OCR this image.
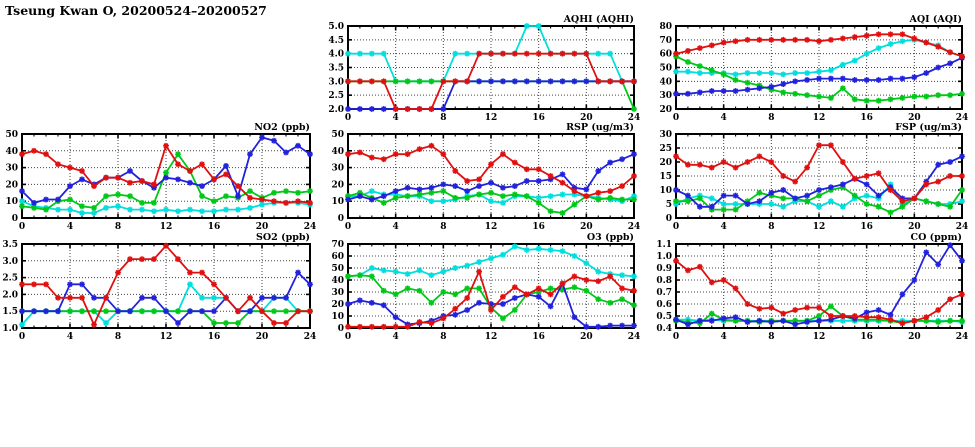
Tseung Kwan O, 20200524–20200527
0	4	8	12	16	20	24
2.0
2.5
3.0
3.5
4.0
4.5
5.0
AQHI (AQHI)
0	4	8	12	16	20	24
20
30
40
50
60
70
80
AQI (AQI)
0	4	8	12	16	20	24
0
10
20
30
40
50
NO2 (ppb)
0	4	8	12	16	20	24
0
10
20
30
40
50
RSP (ug/m3)
0	4	8	12	16	20	24
0
5
10
15
20
25
30
FSP (ug/m3)
0	4	8	12	16	20	24
1.0
1.5
2.0
2.5
3.0
3.5
SO2 (ppb)
0	4	8	12	16	20	24
0
10
20
30
40
50
60
70
O3 (ppb)
0	4	8	12	16	20	24
0.4
0.5
0.6
0.7
0.8
0.9
1.0
1.1
CO (ppm)
